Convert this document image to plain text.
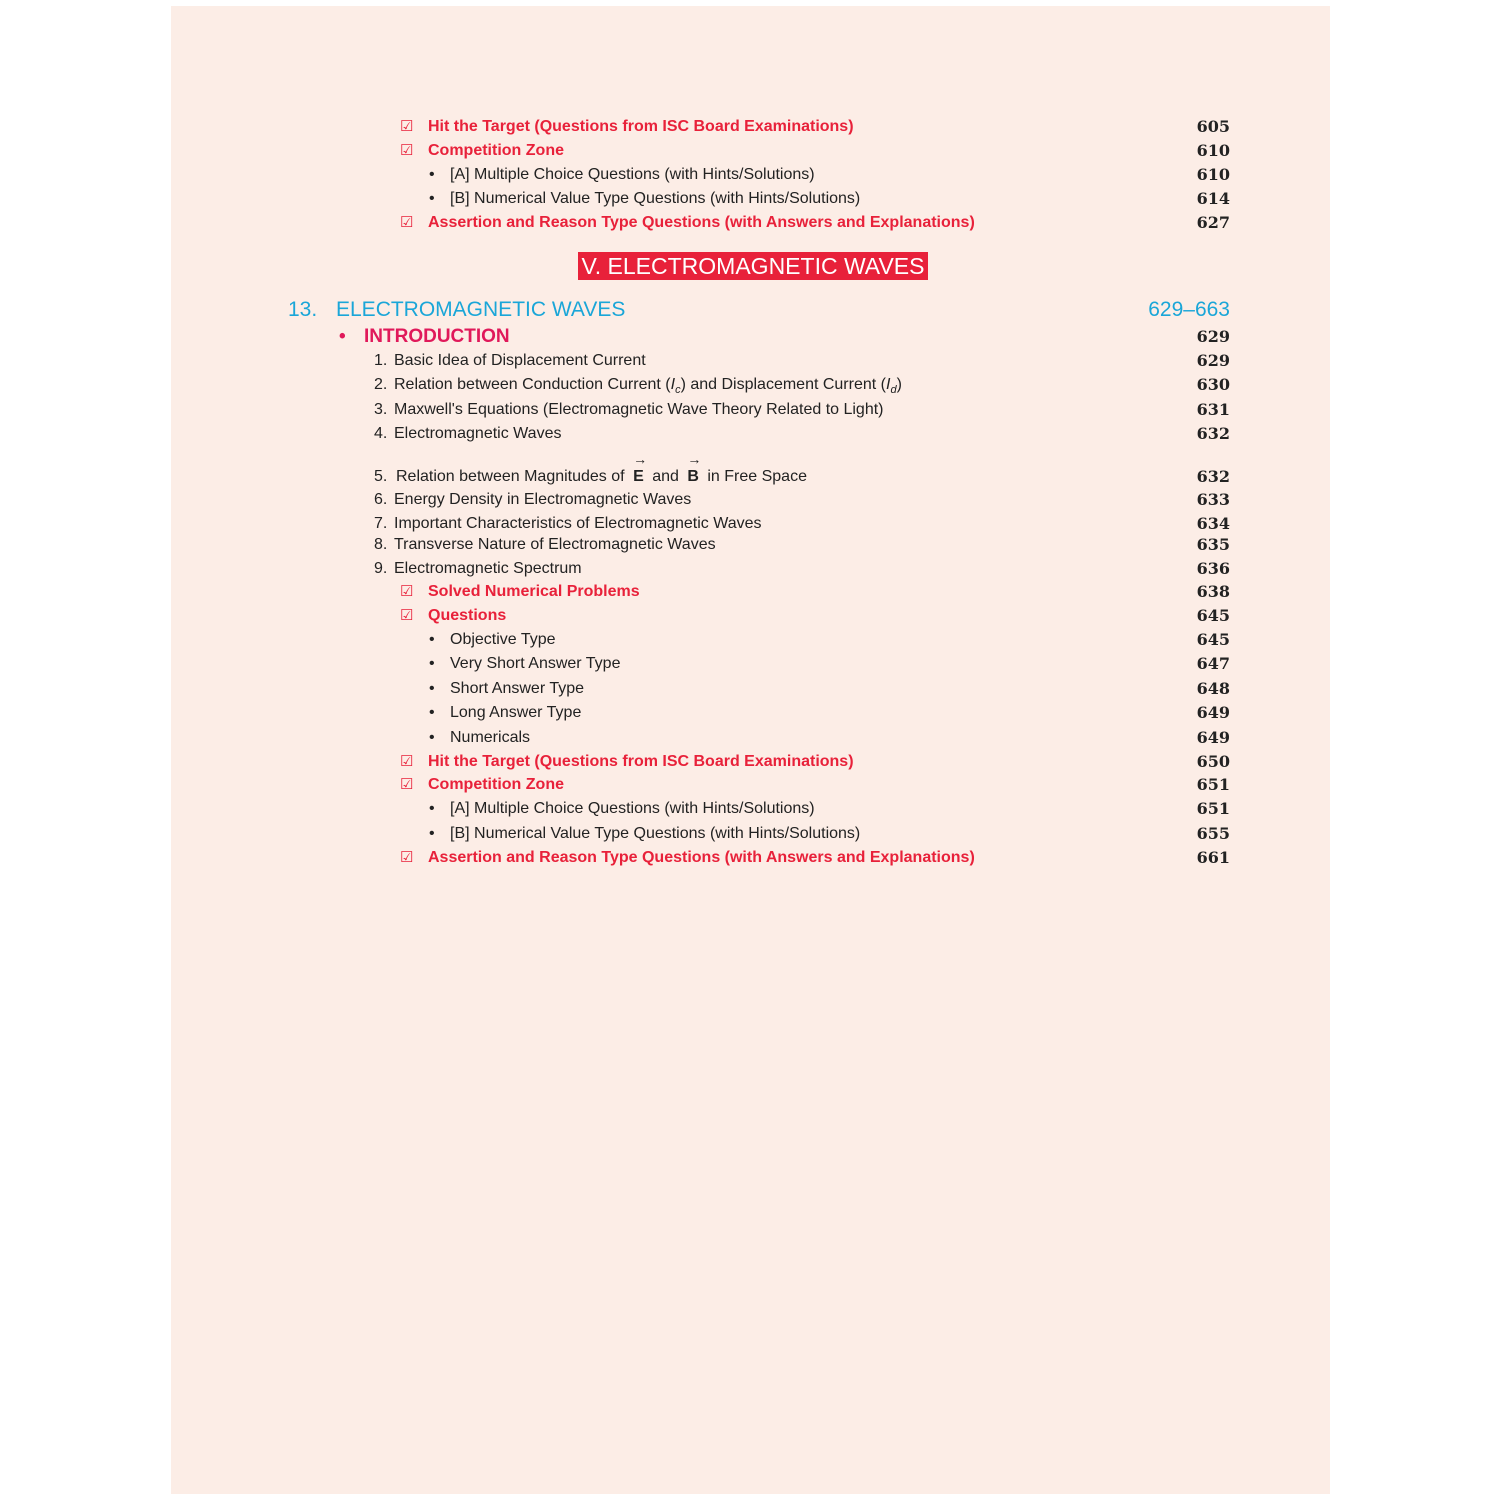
☑ Hit the Target (Questions from ISC Board Examinations)	605
☑ Competition Zone	610
• [A] Multiple Choice Questions (with Hints/Solutions)	610
• [B] Numerical Value Type Questions (with Hints/Solutions)	614
☑ Assertion and Reason Type Questions (with Answers and Explanations)	627
V. ELECTROMAGNETIC WAVES
13. ELECTROMAGNETIC WAVES	629–663
• INTRODUCTION	629
1. Basic Idea of Displacement Current	629
2. Relation between Conduction Current $(I_c)$ and Displacement Current $(I_d)$	630
3. Maxwell's Equations (Electromagnetic Wave Theory Related to Light)	631
4. Electromagnetic Waves	632
5. Relation between Magnitudes of
→
E and
→
B in Free Space	632
6. Energy Density in Electromagnetic Waves	633
7. Important Characteristics of Electromagnetic Waves	634
8. Transverse Nature of Electromagnetic Waves	635
9. Electromagnetic Spectrum	636
☑ Solved Numerical Problems	638
☑ Questions	645
• Objective Type	645
• Very Short Answer Type	647
• Short Answer Type	648
• Long Answer Type	649
• Numericals	649
☑ Hit the Target (Questions from ISC Board Examinations)	650
☑ Competition Zone	651
• [A] Multiple Choice Questions (with Hints/Solutions)	651
• [B] Numerical Value Type Questions (with Hints/Solutions)	655
☑ Assertion and Reason Type Questions (with Answers and Explanations)	661
